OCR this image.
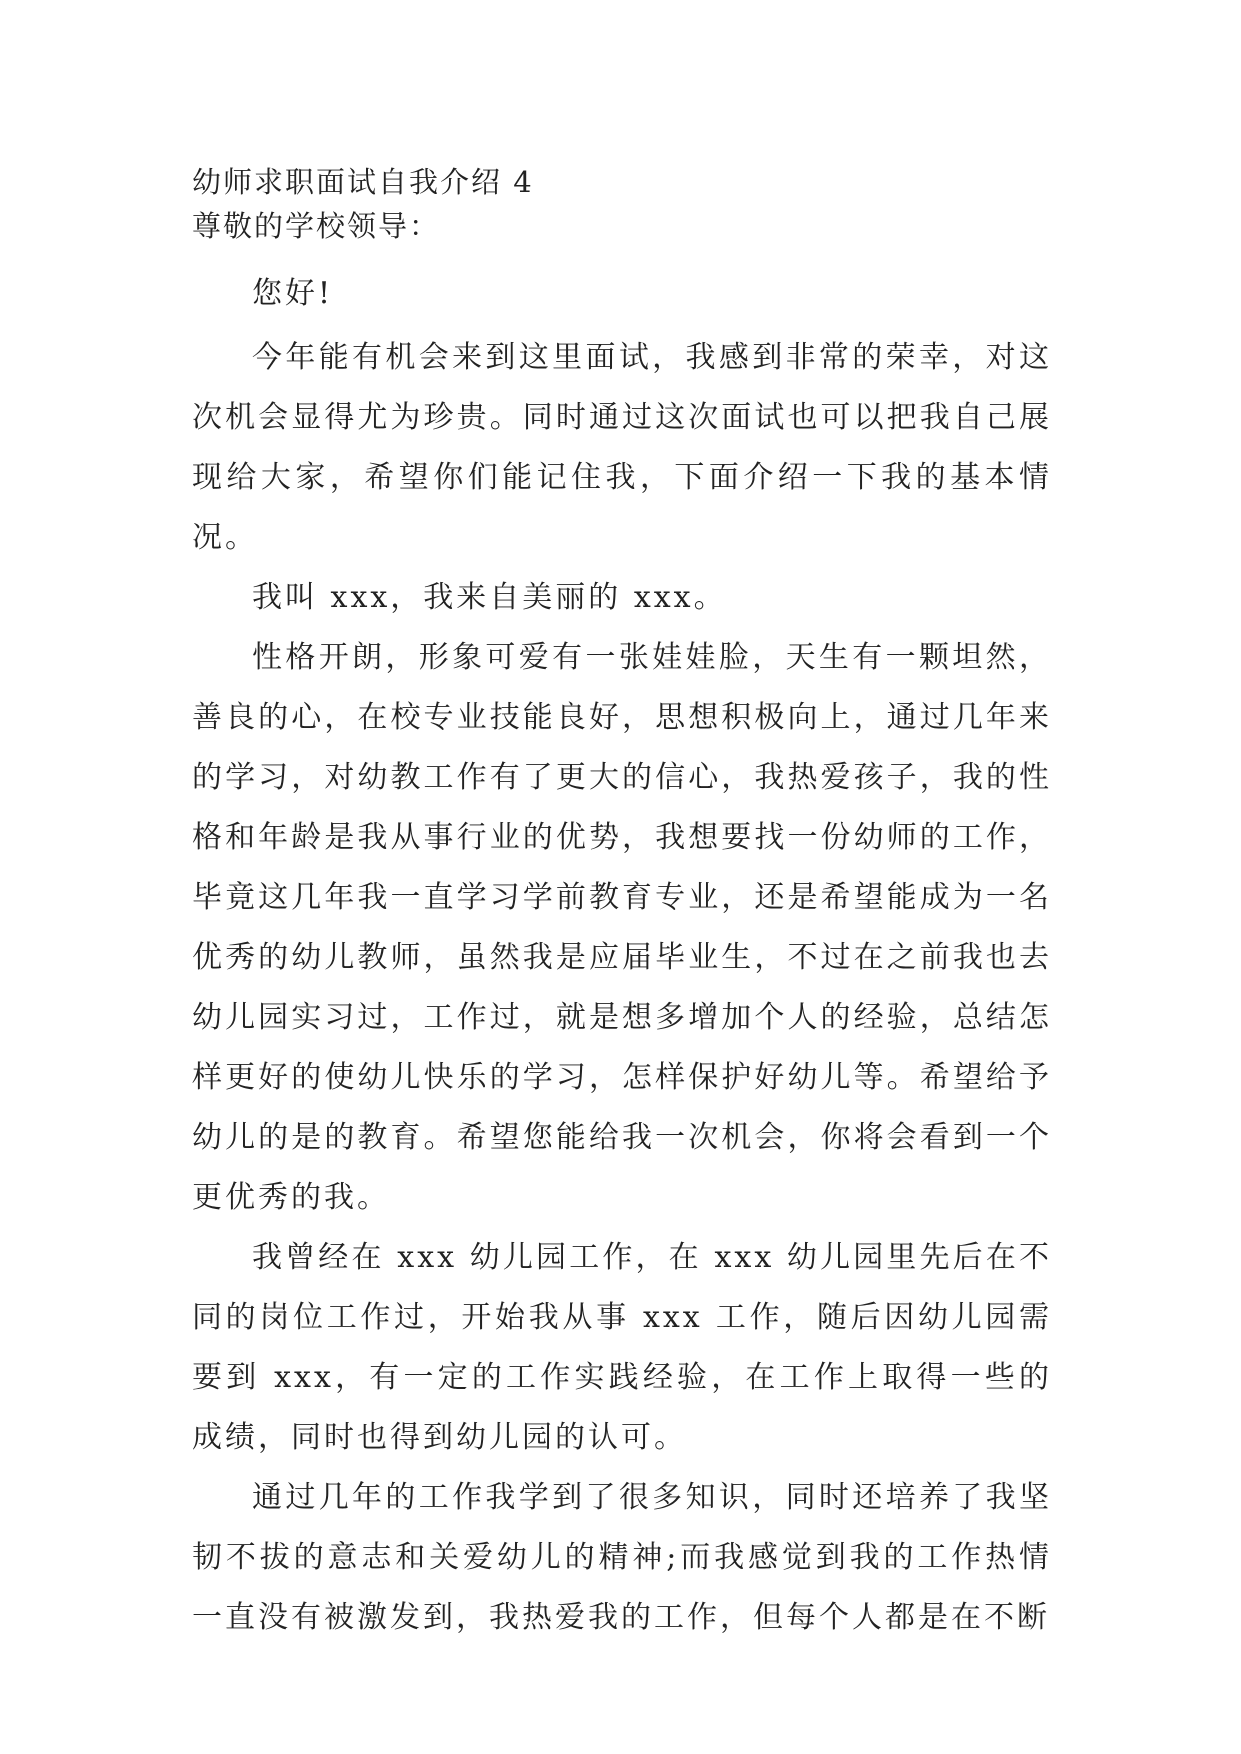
幼师求职面试自我介绍 4

尊敬的学校领导：

您好!

今年能有机会来到这里面试，我感到非常的荣幸，对这次机会显得尤为珍贵。同时通过这次面试也可以把我自己展现给大家，希望你们能记住我，下面介绍一下我的基本情况。

我叫 xxx，我来自美丽的 xxx。

性格开朗，形象可爱有一张娃娃脸，天生有一颗坦然，善良的心，在校专业技能良好，思想积极向上，通过几年来的学习，对幼教工作有了更大的信心，我热爱孩子，我的性格和年龄是我从事行业的优势，我想要找一份幼师的工作，毕竟这几年我一直学习学前教育专业，还是希望能成为一名优秀的幼儿教师，虽然我是应届毕业生，不过在之前我也去幼儿园实习过，工作过，就是想多增加个人的经验，总结怎样更好的使幼儿快乐的学习，怎样保护好幼儿等。希望给予幼儿的是的教育。希望您能给我一次机会，你将会看到一个更优秀的我。

我曾经在 xxx 幼儿园工作，在 xxx 幼儿园里先后在不同的岗位工作过，开始我从事 xxx 工作，随后因幼儿园需要到 xxx，有一定的工作实践经验，在工作上取得一些的成绩，同时也得到幼儿园的认可。

通过几年的工作我学到了很多知识，同时还培养了我坚韧不拔的意志和关爱幼儿的精神;而我感觉到我的工作热情一直没有被激发到，我热爱我的工作，但每个人都是在不断
